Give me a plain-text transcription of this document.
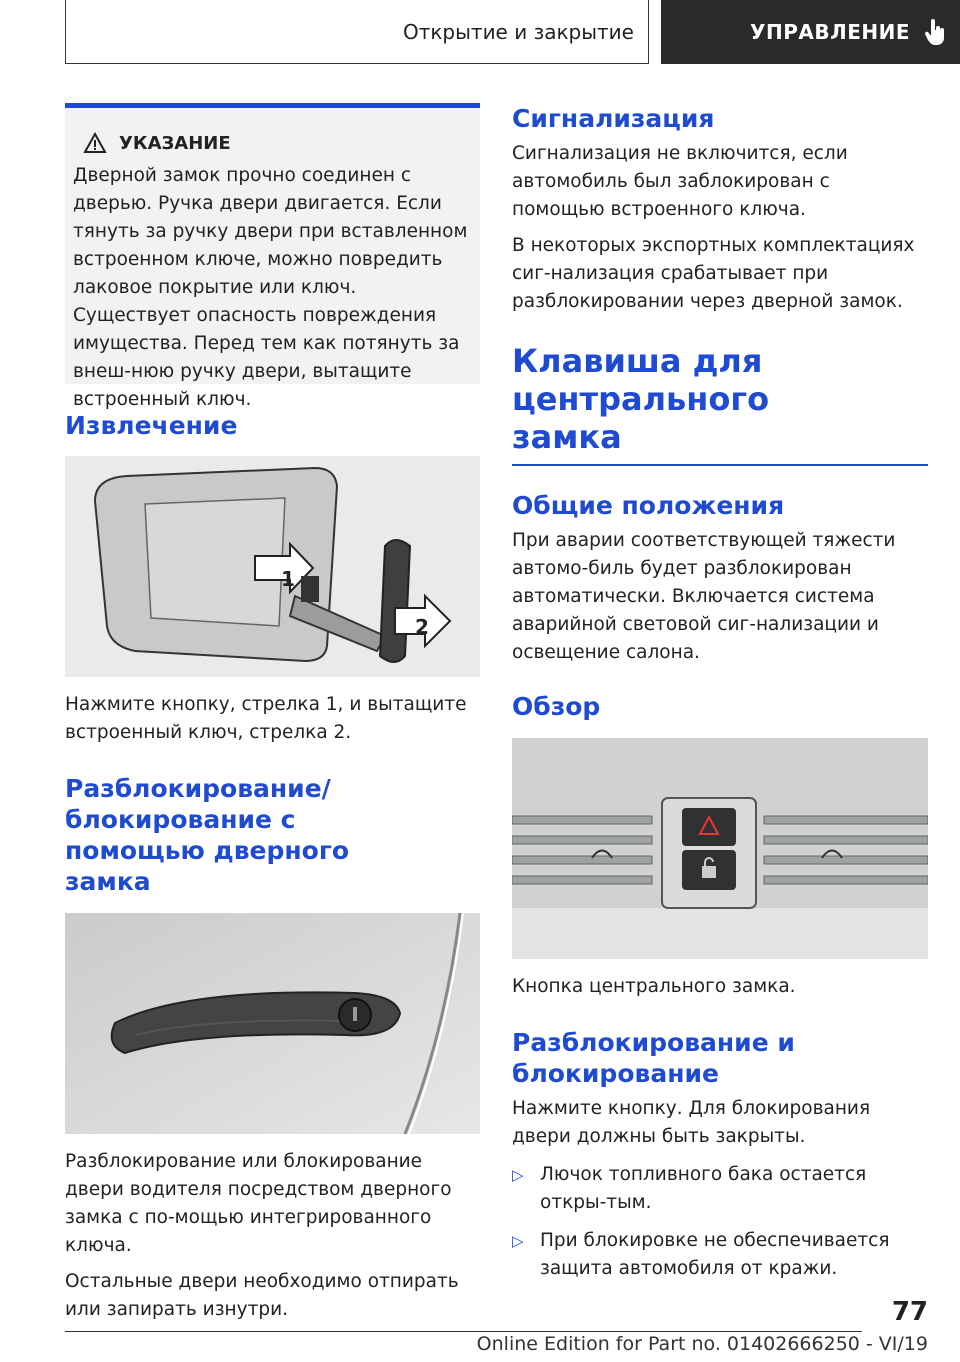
Открытие и закрытие	УПРАВЛЕНИЕ
УКАЗАНИЕ

Дверной замок прочно соединен с дверью. Ручка двери двигается. Если тянуть за ручку двери при вставленном встроенном ключе, можно повредить лаковое покрытие или ключ. Существует опасность повреждения имущества. Перед тем как потянуть за внеш‐нюю ручку двери, вытащите встроенный ключ.

Извлечение
1
2

Нажмите кнопку, стрелка 1, и вытащите встроенный ключ, стрелка 2.

Разблокирование/ блокирование с помощью дверного замка

Разблокирование или блокирование двери водителя посредством дверного замка с по‐мощью интегрированного ключа.

Остальные двери необходимо отпирать или запирать изнутри.

Сигнализация

Сигнализация не включится, если автомобиль был заблокирован с помощью встроенного ключа.

В некоторых экспортных комплектациях сиг‐нализация срабатывает при разблокировании через дверной замок.

Клавиша для центрального замка
Общие положения

При аварии соответствующей тяжести автомо‐биль будет разблокирован автоматически. Включается система аварийной световой сиг‐нализации и освещение салона.

Обзор

Кнопка центрального замка.

Разблокирование и блокирование

Нажмите кнопку. Для блокирования двери должны быть закрыты.

▷ Лючок топливного бака остается откры‐тым.

▷ При блокировке не обеспечивается защита автомобиля от кражи.

77
Online Edition for Part no. 01402666250 - VI/19
